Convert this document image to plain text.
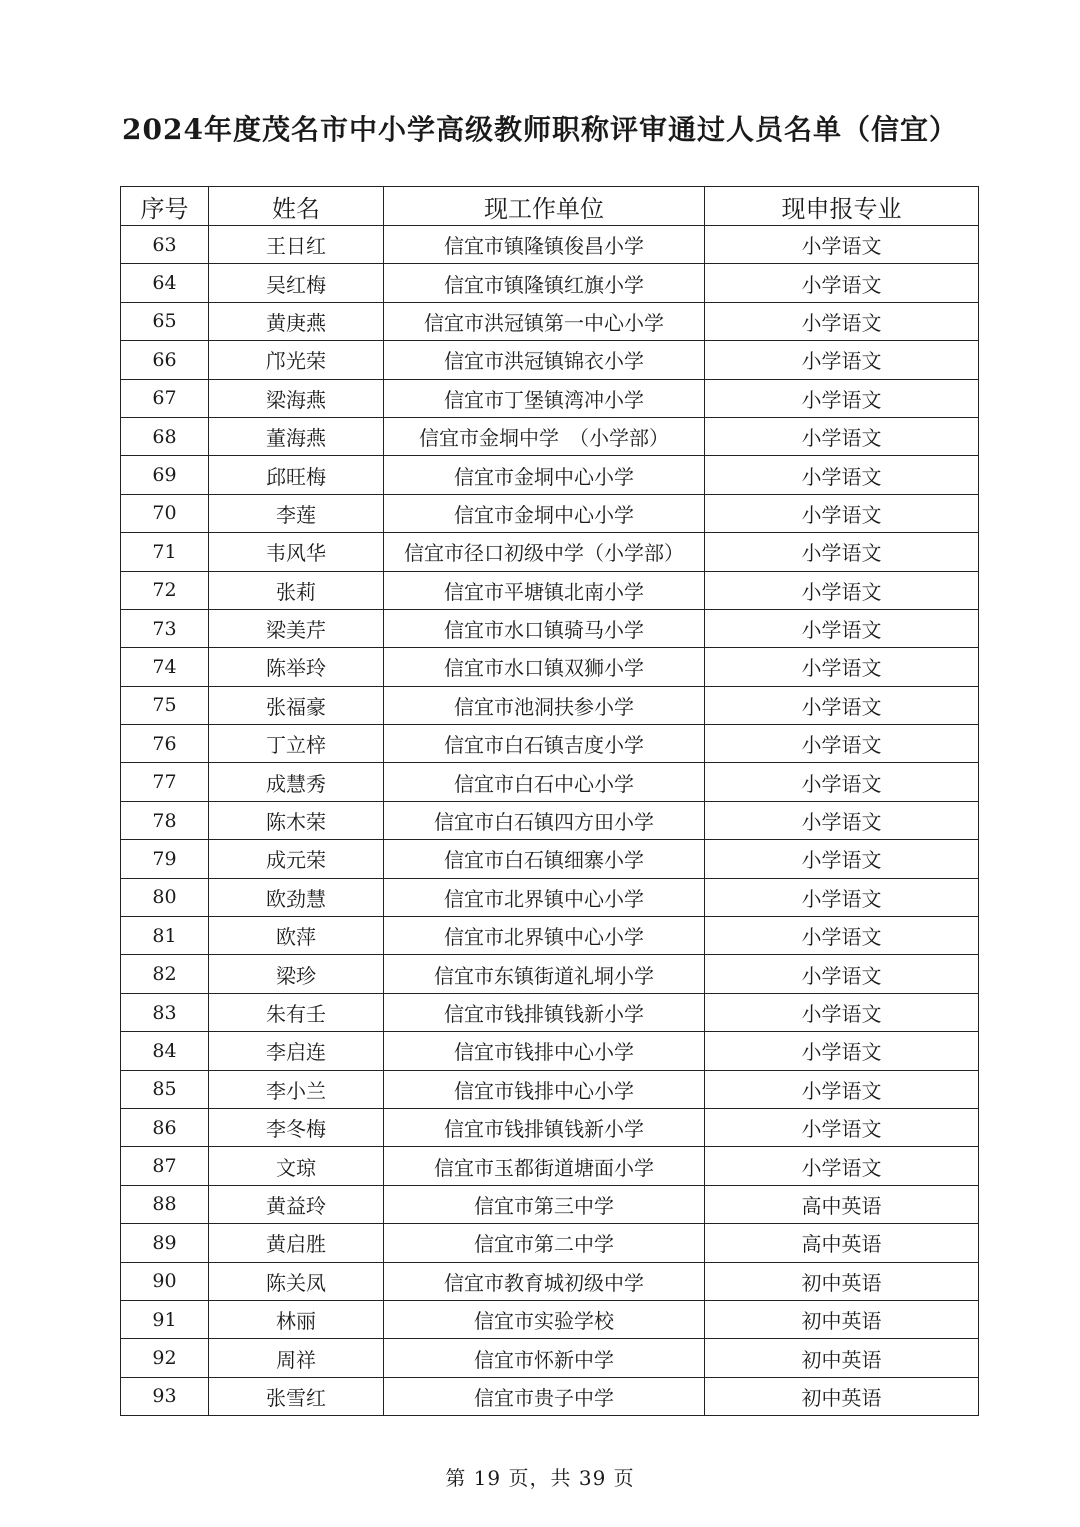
2024年度茂名市中小学高级教师职称评审通过人员名单（信宜）
序号	姓名	现工作单位	现申报专业
63	王日红	信宜市镇隆镇俊昌小学	小学语文
64	吴红梅	信宜市镇隆镇红旗小学	小学语文
65	黄庚燕	信宜市洪冠镇第一中心小学	小学语文
66	邝光荣	信宜市洪冠镇锦衣小学	小学语文
67	梁海燕	信宜市丁堡镇湾冲小学	小学语文
68	董海燕	信宜市金垌中学　（小学部）	小学语文
69	邱旺梅	信宜市金垌中心小学	小学语文
70	李莲	信宜市金垌中心小学	小学语文
71	韦风华	信宜市径口初级中学（小学部）	小学语文
72	张莉	信宜市平塘镇北南小学	小学语文
73	梁美芹	信宜市水口镇骑马小学	小学语文
74	陈举玲	信宜市水口镇双狮小学	小学语文
75	张福豪	信宜市池洞扶参小学	小学语文
76	丁立梓	信宜市白石镇吉度小学	小学语文
77	成慧秀	信宜市白石中心小学	小学语文
78	陈木荣	信宜市白石镇四方田小学	小学语文
79	成元荣	信宜市白石镇细寨小学	小学语文
80	欧劲慧	信宜市北界镇中心小学	小学语文
81	欧萍	信宜市北界镇中心小学	小学语文
82	梁珍	信宜市东镇街道礼垌小学	小学语文
83	朱有壬	信宜市钱排镇钱新小学	小学语文
84	李启连	信宜市钱排中心小学	小学语文
85	李小兰	信宜市钱排中心小学	小学语文
86	李冬梅	信宜市钱排镇钱新小学	小学语文
87	文琼	信宜市玉都街道塘面小学	小学语文
88	黄益玲	信宜市第三中学	高中英语
89	黄启胜	信宜市第二中学	高中英语
90	陈关凤	信宜市教育城初级中学	初中英语
91	林丽	信宜市实验学校	初中英语
92	周祥	信宜市怀新中学	初中英语
93	张雪红	信宜市贵子中学	初中英语
第 19 页，共 39 页
